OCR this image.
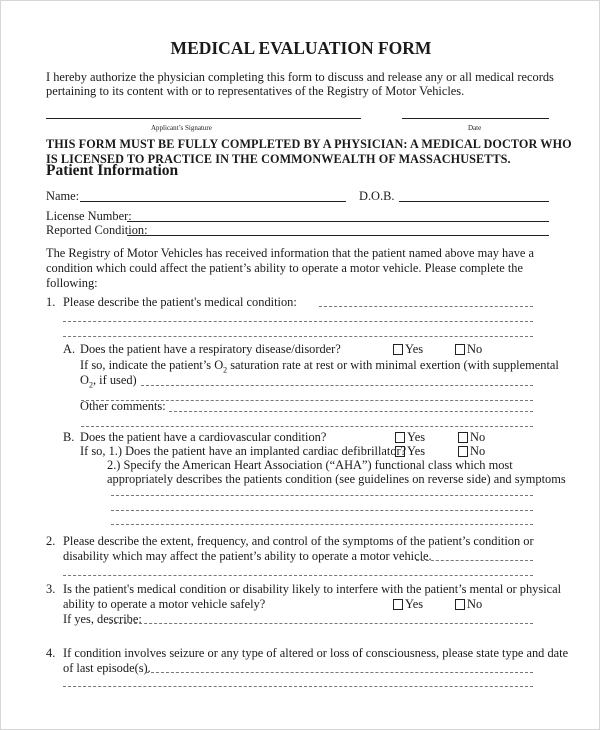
MEDICAL EVALUATION FORM
I hereby authorize the physician completing this form to discuss and release any or all medical records
pertaining to its content with or to representatives of the Registry of Motor Vehicles.
Applicant’s Signature	Date
THIS FORM MUST BE FULLY COMPLETED BY A PHYSICIAN: A MEDICAL DOCTOR WHO
IS LICENSED TO PRACTICE IN THE COMMONWEALTH OF MASSACHUSETTS.
Patient Information
Name:	D.O.B.
License Number:
Reported Condition:
The Registry of Motor Vehicles has received information that the patient named above may have a
condition which could affect the patient’s ability to operate a motor vehicle. Please complete the
following:
1. Please describe the patient's medical condition:
A. Does the patient have a respiratory disease/disorder?	Yes	No
If so, indicate the patient’s $O_2$ saturation rate at rest or with minimal exertion (with supplemental
$O_2$, if used)
Other comments:
B. Does the patient have a cardiovascular condition?	Yes	No
If so, 1.) Does the patient have an implanted cardiac defibrillator? Yes	No
2.) Specify the American Heart Association (“AHA”) functional class which most
appropriately describes the patients condition (see guidelines on reverse side) and symptoms
2. Please describe the extent, frequency, and control of the symptoms of the patient’s condition or
disability which may affect the patient’s ability to operate a motor vehicle.
3. Is the patient's medical condition or disability likely to interfere with the patient’s mental or physical
ability to operate a motor vehicle safely?	Yes	No
If yes, describe:
4. If condition involves seizure or any type of altered or loss of consciousness, please state type and date
of last episode(s).
